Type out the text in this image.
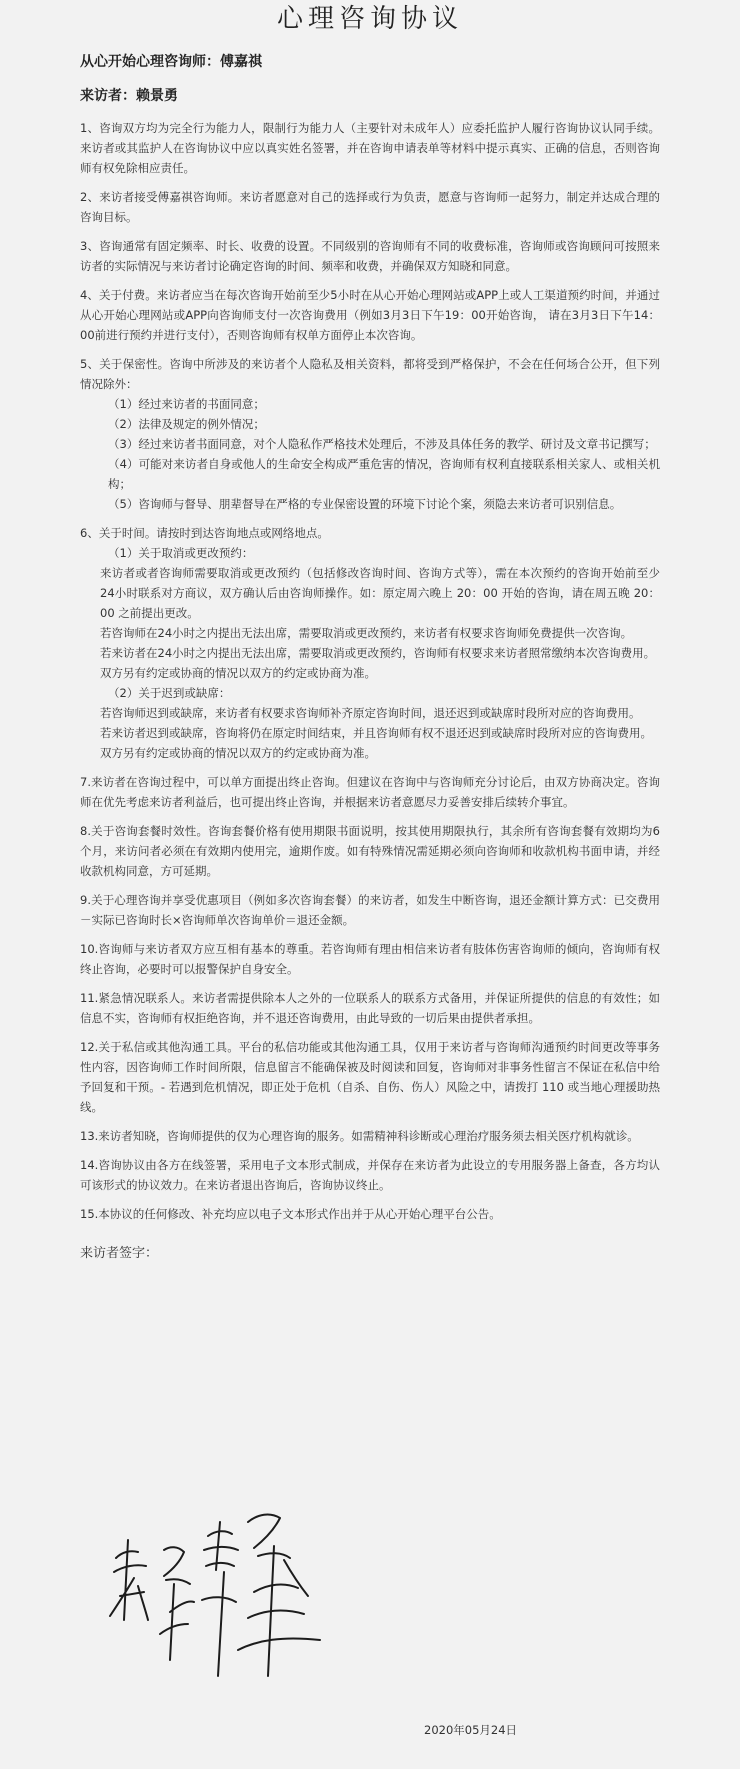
心理咨询协议
从心开始心理咨询师：傅嘉祺
来访者：赖景勇

1、咨询双方均为完全行为能力人，限制行为能力人（主要针对未成年人）应委托监护人履行咨询协议认同手续。来访者或其监护人在咨询协议中应以真实姓名签署，并在咨询申请表单等材料中提示真实、正确的信息，否则咨询师有权免除相应责任。

2、来访者接受傅嘉祺咨询师。来访者愿意对自己的选择或行为负责，愿意与咨询师一起努力，制定并达成合理的咨询目标。

3、咨询通常有固定频率、时长、收费的设置。不同级别的咨询师有不同的收费标准，咨询师或咨询顾问可按照来访者的实际情况与来访者讨论确定咨询的时间、频率和收费，并确保双方知晓和同意。

4、关于付费。来访者应当在每次咨询开始前至少5小时在从心开始心理网站或APP上或人工渠道预约时间，并通过从心开始心理网站或APP向咨询师支付一次咨询费用（例如3月3日下午19：00开始咨询， 请在3月3日下午14：00前进行预约并进行支付），否则咨询师有权单方面停止本次咨询。

5、关于保密性。咨询中所涉及的来访者个人隐私及相关资料，都将受到严格保护，不会在任何场合公开，但下列情况除外：

（1）经过来访者的书面同意；

（2）法律及规定的例外情况；

（3）经过来访者书面同意，对个人隐私作严格技术处理后，不涉及具体任务的教学、研讨及文章书记撰写；

（4）可能对来访者自身或他人的生命安全构成严重危害的情况，咨询师有权利直接联系相关家人、或相关机构；

（5）咨询师与督导、朋辈督导在严格的专业保密设置的环境下讨论个案，须隐去来访者可识别信息。

6、关于时间。请按时到达咨询地点或网络地点。

（1）关于取消或更改预约：

来访者或者咨询师需要取消或更改预约（包括修改咨询时间、咨询方式等），需在本次预约的咨询开始前至少24小时联系对方商议，双方确认后由咨询师操作。如：原定周六晚上 20：00 开始的咨询，请在周五晚 20：00 之前提出更改。

若咨询师在24小时之内提出无法出席，需要取消或更改预约，来访者有权要求咨询师免费提供一次咨询。

若来访者在24小时之内提出无法出席，需要取消或更改预约，咨询师有权要求来访者照常缴纳本次咨询费用。

双方另有约定或协商的情况以双方的约定或协商为准。

（2）关于迟到或缺席：

若咨询师迟到或缺席，来访者有权要求咨询师补齐原定咨询时间，退还迟到或缺席时段所对应的咨询费用。

若来访者迟到或缺席，咨询将仍在原定时间结束，并且咨询师有权不退还迟到或缺席时段所对应的咨询费用。

双方另有约定或协商的情况以双方的约定或协商为准。

7.来访者在咨询过程中，可以单方面提出终止咨询。但建议在咨询中与咨询师充分讨论后，由双方协商决定。咨询师在优先考虑来访者利益后，也可提出终止咨询，并根据来访者意愿尽力妥善安排后续转介事宜。

8.关于咨询套餐时效性。咨询套餐价格有使用期限书面说明，按其使用期限执行，其余所有咨询套餐有效期均为6个月，来访问者必须在有效期内使用完，逾期作废。如有特殊情况需延期必须向咨询师和收款机构书面申请，并经收款机构同意，方可延期。

9.关于心理咨询并享受优惠项目（例如多次咨询套餐）的来访者，如发生中断咨询，退还金额计算方式：已交费用－实际已咨询时长×咨询师单次咨询单价＝退还金额。

10.咨询师与来访者双方应互相有基本的尊重。若咨询师有理由相信来访者有肢体伤害咨询师的倾向，咨询师有权终止咨询，必要时可以报警保护自身安全。

11.紧急情况联系人。来访者需提供除本人之外的一位联系人的联系方式备用，并保证所提供的信息的有效性；如信息不实，咨询师有权拒绝咨询，并不退还咨询费用，由此导致的一切后果由提供者承担。

12.关于私信或其他沟通工具。平台的私信功能或其他沟通工具，仅用于来访者与咨询师沟通预约时间更改等事务性内容，因咨询师工作时间所限，信息留言不能确保被及时阅读和回复，咨询师对非事务性留言不保证在私信中给予回复和干预。- 若遇到危机情况，即正处于危机（自杀、自伤、伤人）风险之中，请拨打 110 或当地心理援助热线。

13.来访者知晓，咨询师提供的仅为心理咨询的服务。如需精神科诊断或心理治疗服务须去相关医疗机构就诊。

14.咨询协议由各方在线签署，采用电子文本形式制成，并保存在来访者为此设立的专用服务器上备查，各方均认可该形式的协议效力。在来访者退出咨询后，咨询协议终止。

15.本协议的任何修改、补充均应以电子文本形式作出并于从心开始心理平台公告。

来访者签字：
2020年05月24日
